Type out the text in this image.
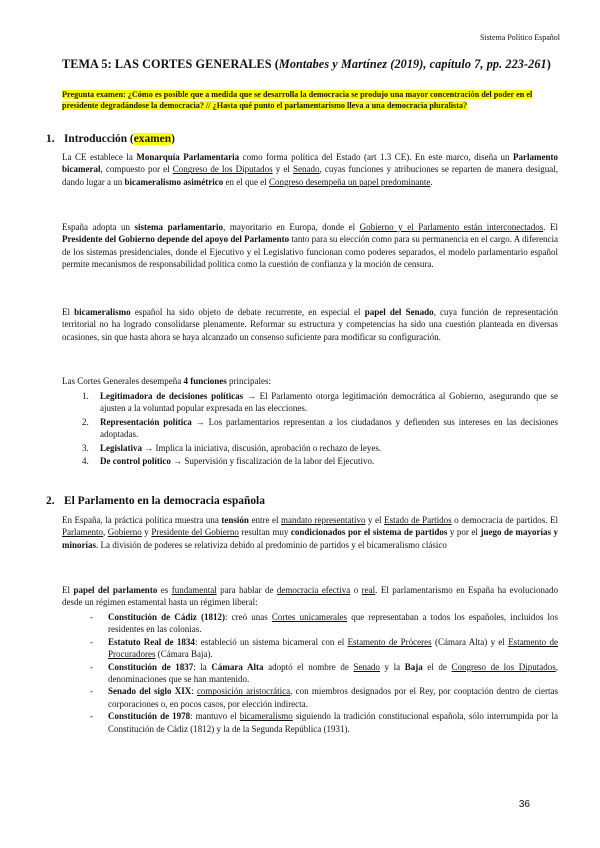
Sistema Político Español
TEMA 5: LAS CORTES GENERALES (Montabes y Martínez (2019), capítulo 7, pp. 223-261)
Pregunta examen: ¿Cómo es posible que a medida que se desarrolla la democracia se produjo una mayor concentración del poder en el presidente degradándose la democracia? // ¿Hasta qué punto el parlamentarismo lleva a una democracia pluralista?
1. Introducción (examen)
La CE establece la Monarquía Parlamentaria como forma política del Estado (art 1.3 CE). En este marco, diseña un Parlamento bicameral, compuesto por el Congreso de los Diputados y el Senado, cuyas funciones y atribuciones se reparten de manera desigual, dando lugar a un bicameralismo asimétrico en el que el Congreso desempeña un papel predominante.
España adopta un sistema parlamentario, mayoritario en Europa, donde el Gobierno y el Parlamento están interconectados. El Presidente del Gobierno depende del apoyo del Parlamento tanto para su elección como para su permanencia en el cargo. A diferencia de los sistemas presidenciales, donde el Ejecutivo y el Legislativo funcionan como poderes separados, el modelo parlamentario español permite mecanismos de responsabilidad política como la cuestión de confianza y la moción de censura.
El bicameralismo español ha sido objeto de debate recurrente, en especial el papel del Senado, cuya función de representación territorial no ha logrado consolidarse plenamente. Reformar su estructura y competencias ha sido una cuestión planteada en diversas ocasiones, sin que hasta ahora se haya alcanzado un consenso suficiente para modificar su configuración.
Las Cortes Generales desempeña 4 funciones principales:
1. Legitimadora de decisiones políticas → El Parlamento otorga legitimación democrática al Gobierno, asegurando que se ajusten a la voluntad popular expresada en las elecciones.
2. Representación política → Los parlamentarios representan a los ciudadanos y defienden sus intereses en las decisiones adoptadas.
3. Legislativa → Implica la iniciativa, discusión, aprobación o rechazo de leyes.
4. De control político → Supervisión y fiscalización de la labor del Ejecutivo.
2. El Parlamento en la democracia española
En España, la práctica política muestra una tensión entre el mandato representativo y el Estado de Partidos o democracia de partidos. El Parlamento, Gobierno y Presidente del Gobierno resultan muy condicionados por el sistema de partidos y por el juego de mayorías y minorías. La división de poderes se relativiza debido al predominio de partidos y el bicameralismo clásico
El papel del parlamento es fundamental para hablar de democracia efectiva o real. El parlamentarismo en España ha evolucionado desde un régimen estamental hasta un régimen liberal:
- Constitución de Cádiz (1812): creó unas Cortes unicamerales que representaban a todos los españoles, incluidos los residentes en las colonias.
- Estatuto Real de 1834: estableció un sistema bicameral con el Estamento de Próceres (Cámara Alta) y el Estamento de Procuradores (Cámara Baja).
- Constitución de 1837: la Cámara Alta adoptó el nombre de Senado y la Baja el de Congreso de los Diputados, denominaciones que se han mantenido.
- Senado del siglo XIX: composición aristocrática, con miembros designados por el Rey, por cooptación dentro de ciertas corporaciones o, en pocos casos, por elección indirecta.
- Constitución de 1978: mantuvo el bicameralismo siguiendo la tradición constitucional española, sólo interrumpida por la Constitución de Cádiz (1812) y la de la Segunda República (1931).
36
